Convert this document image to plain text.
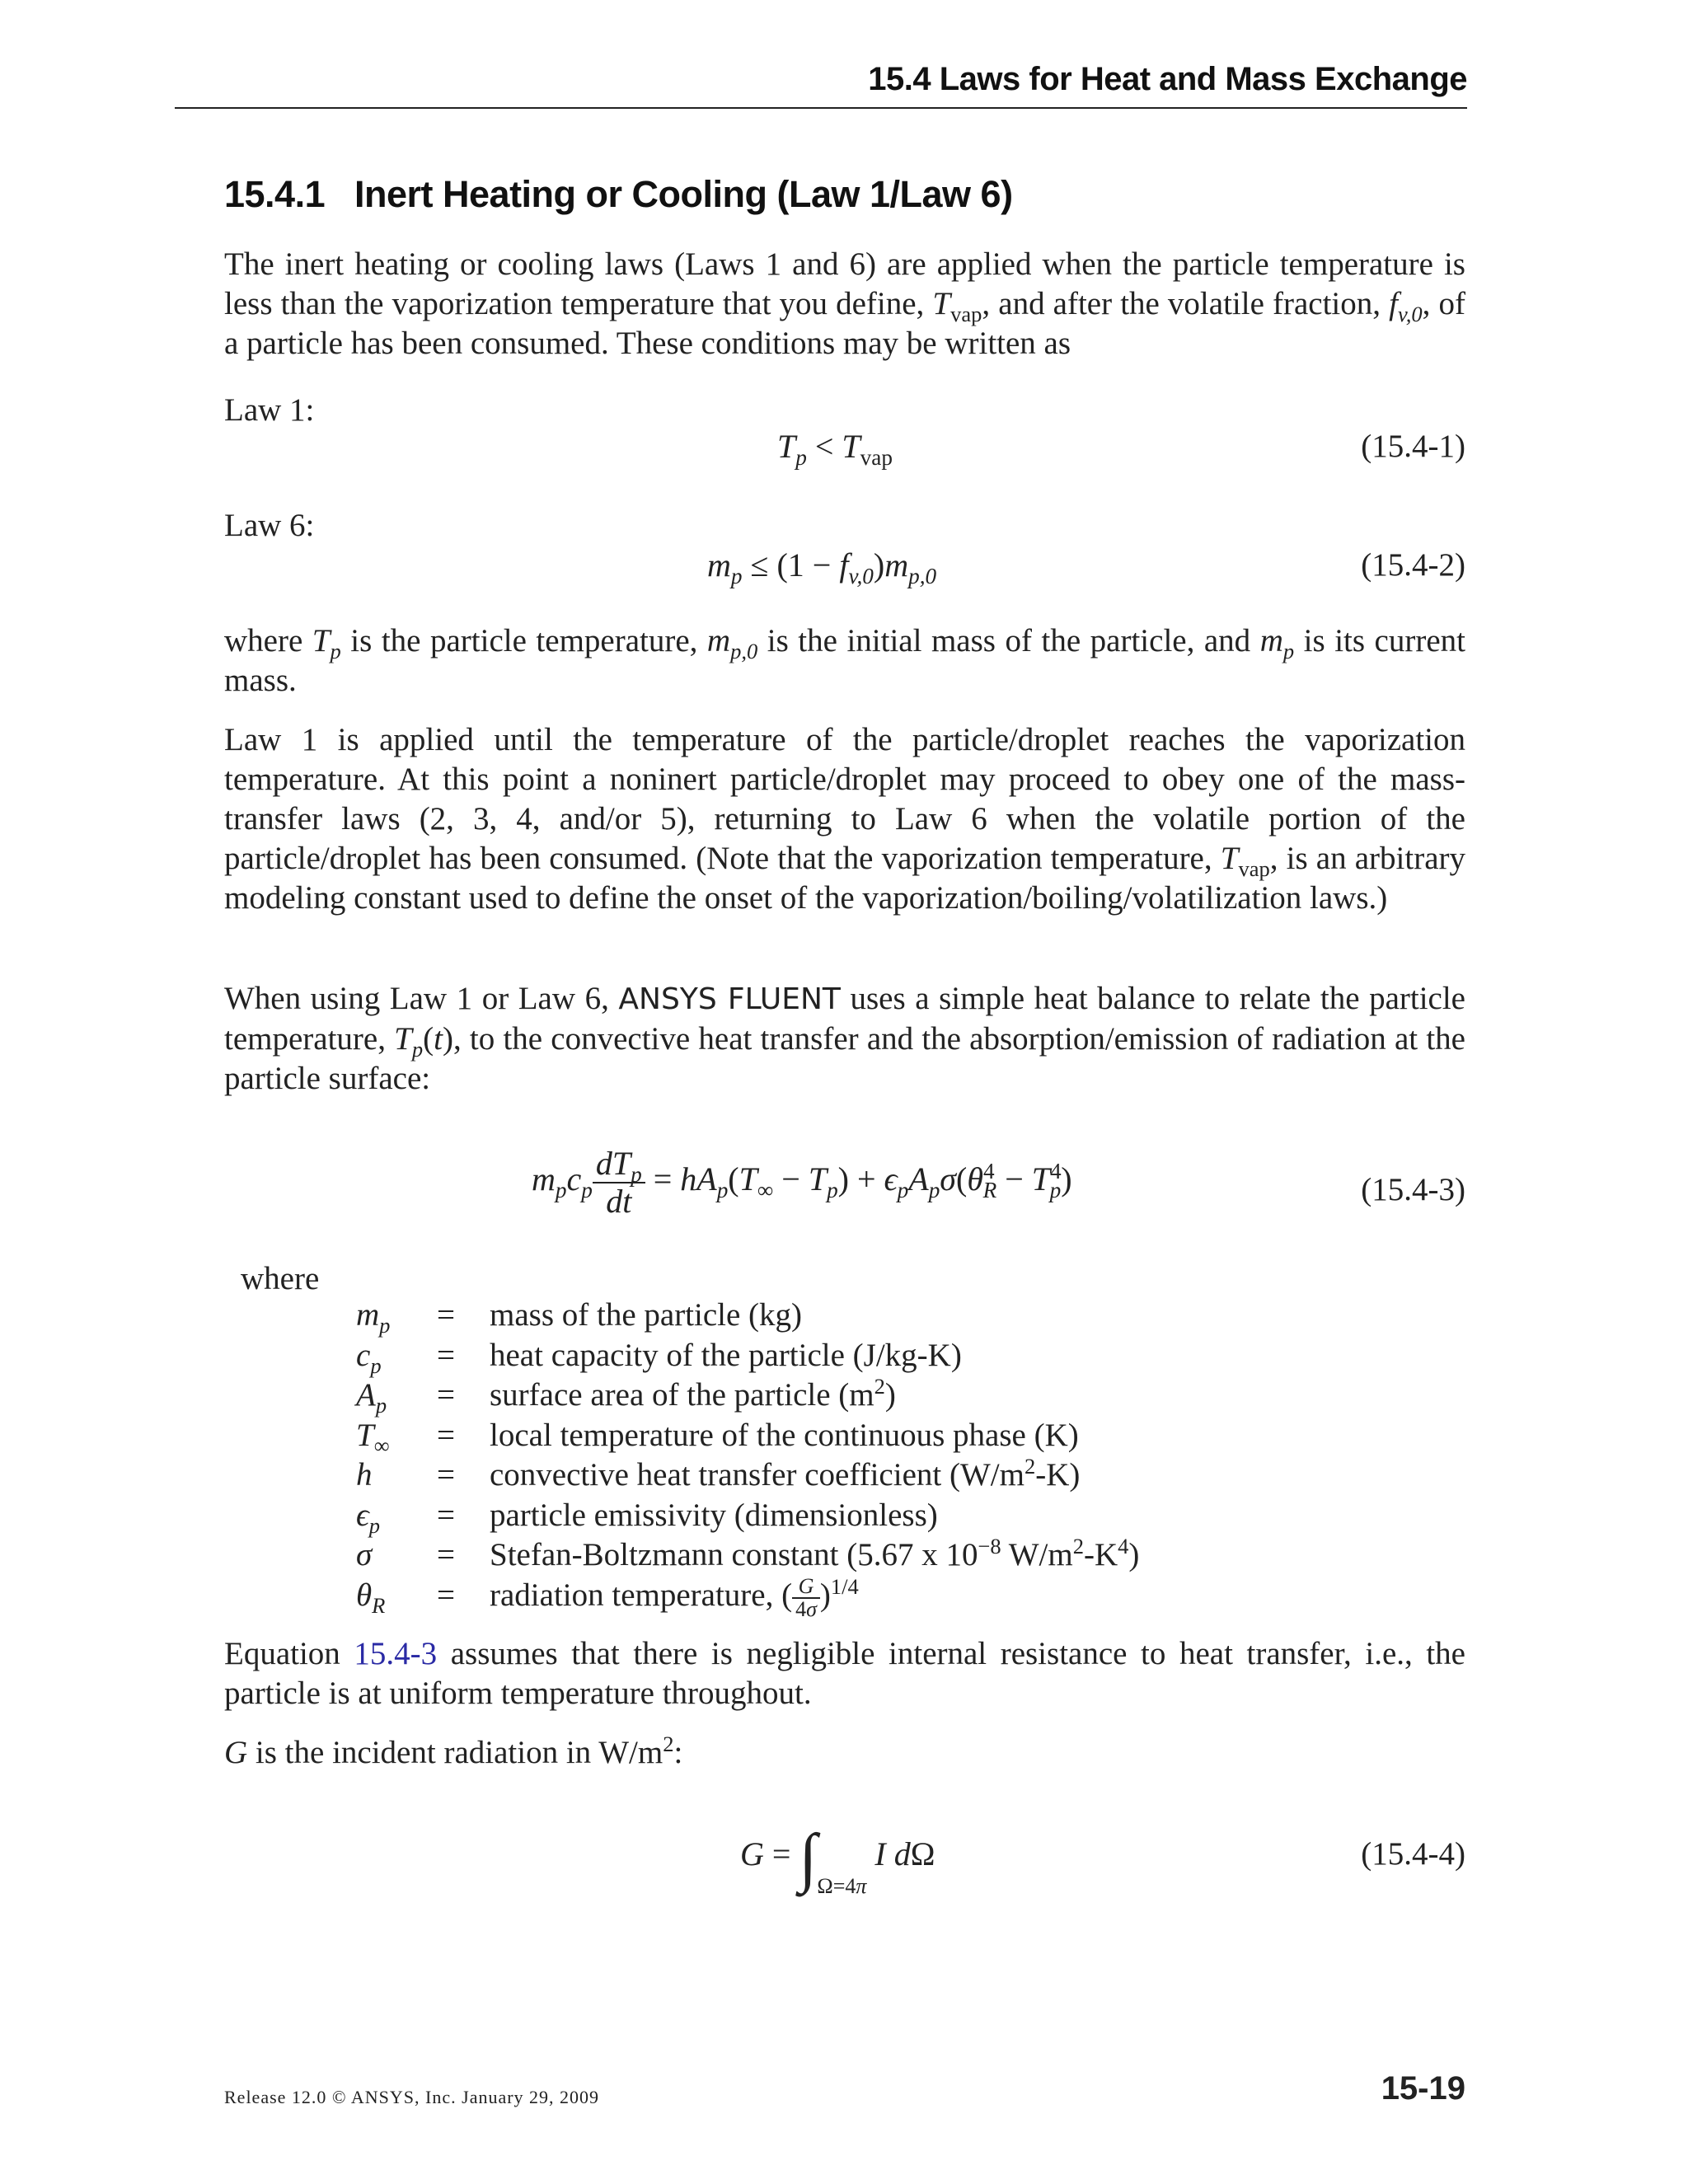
15.4 Laws for Heat and Mass Exchange
15.4.1 Inert Heating or Cooling (Law 1/Law 6)
The inert heating or cooling laws (Laws 1 and 6) are applied when the particle temperature is less than the vaporization temperature that you define, $T_{vap}$, and after the volatile fraction, $f_{v,0}$, of a particle has been consumed. These conditions may be written as
Law 1:
$T_p < T_{vap}$	(15.4-1)
Law 6:
$m_p \le (1 - f_{v,0})m_{p,0}$	(15.4-2)
where $T_p$ is the particle temperature, $m_{p,0}$ is the initial mass of the particle, and $m_p$ is its current mass.
Law 1 is applied until the temperature of the particle/droplet reaches the vaporization temperature. At this point a noninert particle/droplet may proceed to obey one of the mass-transfer laws (2, 3, 4, and/or 5), returning to Law 6 when the volatile portion of the particle/droplet has been consumed. (Note that the vaporization temperature, $T_{vap}$, is an arbitrary modeling constant used to define the onset of the vaporization/boiling/volatilization laws.)
When using Law 1 or Law 6, ANSYS FLUENT uses a simple heat balance to relate the particle temperature, $T_p(t)$, to the convective heat transfer and the absorption/emission of radiation at the particle surface:
$m_pc_p \frac{dT_p}{dt} = hA_p(T_\infty - T_p) + \epsilon_pA_p\sigma(\theta^4_R - T^4_p)$	(15.4-3)
where
$m_p$ = mass of the particle (kg)
$c_p$ = heat capacity of the particle (J/kg-K)
$A_p$ = surface area of the particle $(m^2)$
$T_\infty$ = local temperature of the continuous phase (K)
h = convective heat transfer coefficient $(W/m^2-K)$
$\epsilon_p$ = particle emissivity (dimensionless)
σ = Stefan-Boltzmann constant (5.67 x $10^{-8}$ $W/m^2-K^4$)
$\theta_R$ = radiation temperature, ( $\frac{G}{4\sigma} )^{1/4}$
Equation 15.4-3 assumes that there is negligible internal resistance to heat transfer, i.e., the particle is at uniform temperature throughout.
G is the incident radiation in $W/m^2$:
$G = \int_{\Omega=4\pi}$ I dΩ	(15.4-4)
Release 12.0 © ANSYS, Inc. January 29, 2009	15-19
